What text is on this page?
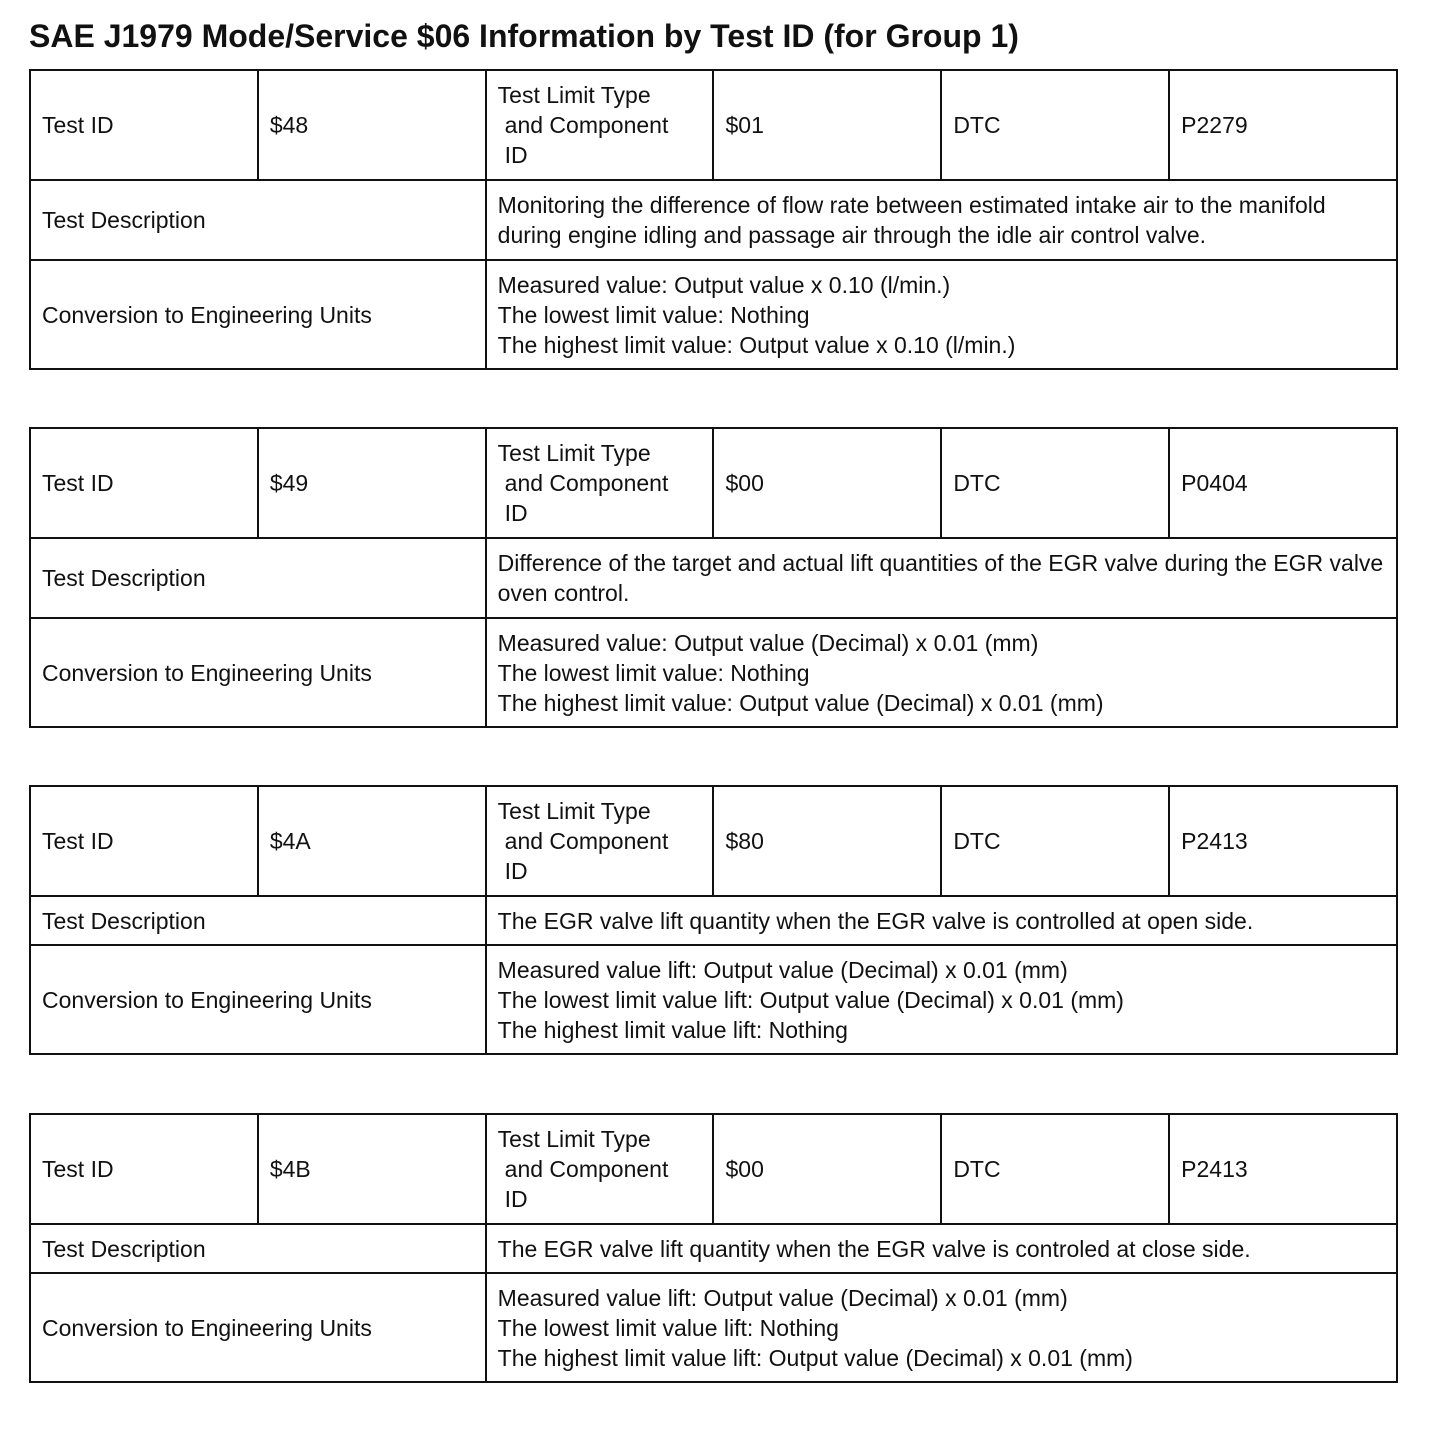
SAE J1979 Mode/Service $06 Information by Test ID (for Group 1)
Test ID	$48	Test Limit Type
and Component
ID	$01	DTC	P2279
Test Description		Monitoring the difference of flow rate between estimated intake air to the manifold during engine idling and passage air through the idle air control valve.			

Conversion to Engineering Units		Measured value: Output value x 0.10 (l/min.)
The lowest limit value: Nothing
The highest limit value: Output value x 0.10 (l/min.)			
Test ID	$49	Test Limit Type
and Component
ID	$00	DTC	P0404
Test Description		Difference of the target and actual lift quantities of the EGR valve during the EGR valve oven control.			

Conversion to Engineering Units		Measured value: Output value (Decimal) x 0.01 (mm)
The lowest limit value: Nothing
The highest limit value: Output value (Decimal) x 0.01 (mm)			
Test ID	$4A	Test Limit Type
and Component
ID	$80	DTC	P2413
Test Description		The EGR valve lift quantity when the EGR valve is controlled at open side.			

Conversion to Engineering Units		Measured value lift: Output value (Decimal) x 0.01 (mm)
The lowest limit value lift: Output value (Decimal) x 0.01 (mm)
The highest limit value lift: Nothing			
Test ID	$4B	Test Limit Type
and Component
ID	$00	DTC	P2413
Test Description		The EGR valve lift quantity when the EGR valve is controled at close side.			

Conversion to Engineering Units		Measured value lift: Output value (Decimal) x 0.01 (mm)
The lowest limit value lift: Nothing
The highest limit value lift: Output value (Decimal) x 0.01 (mm)			
